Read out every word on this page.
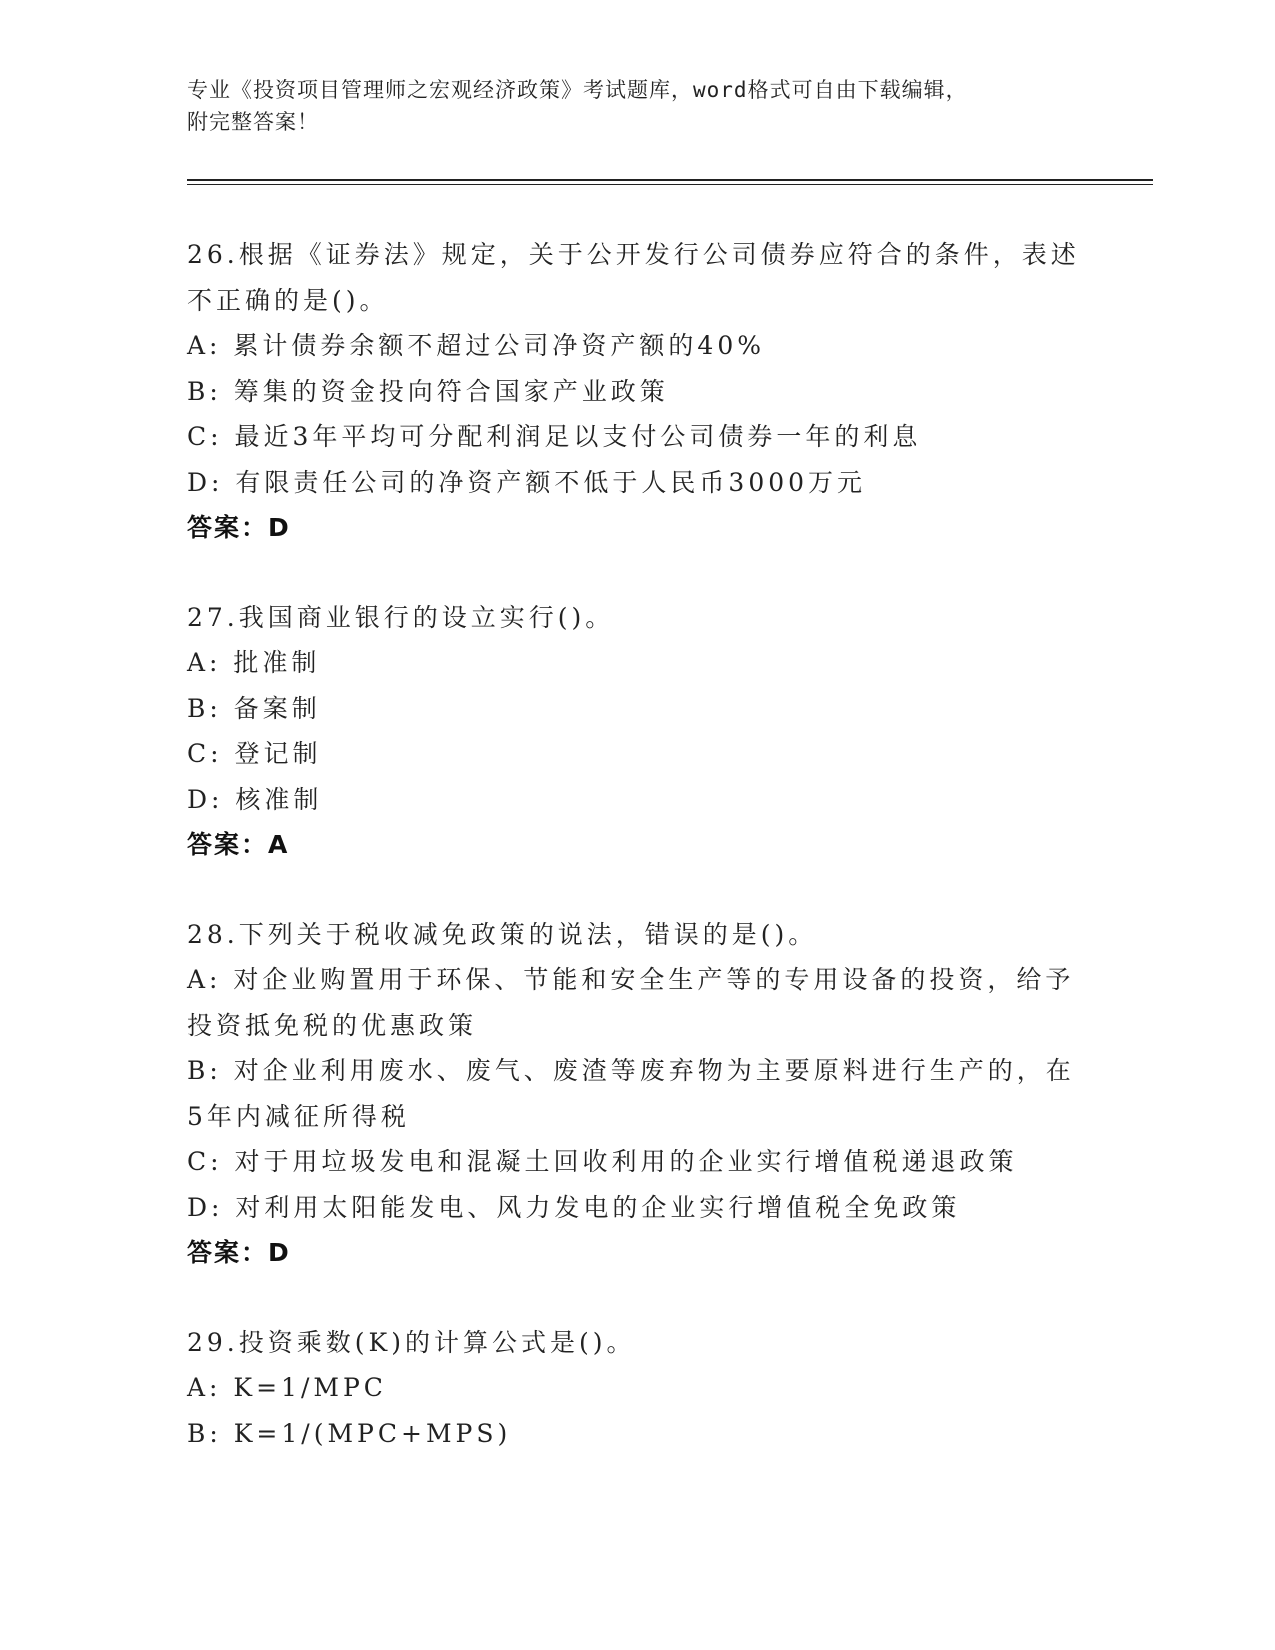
专业《投资项目管理师之宏观经济政策》考试题库，word格式可自由下载编辑，
附完整答案！
26.根据《证券法》规定，关于公开发行公司债券应符合的条件，表述
不正确的是()。
A: 累计债券余额不超过公司净资产额的40%
B: 筹集的资金投向符合国家产业政策
C: 最近3年平均可分配利润足以支付公司债券一年的利息
D: 有限责任公司的净资产额不低于人民币3000万元
答案：D
27.我国商业银行的设立实行()。
A: 批准制
B: 备案制
C: 登记制
D: 核准制
答案：A
28.下列关于税收减免政策的说法，错误的是()。
A: 对企业购置用于环保、节能和安全生产等的专用设备的投资，给予
投资抵免税的优惠政策
B: 对企业利用废水、废气、废渣等废弃物为主要原料进行生产的，在
5年内减征所得税
C: 对于用垃圾发电和混凝土回收利用的企业实行增值税递退政策
D: 对利用太阳能发电、风力发电的企业实行增值税全免政策
答案：D
29.投资乘数(K)的计算公式是()。
A: K=1/MPC
B: K=1/(MPC+MPS)
